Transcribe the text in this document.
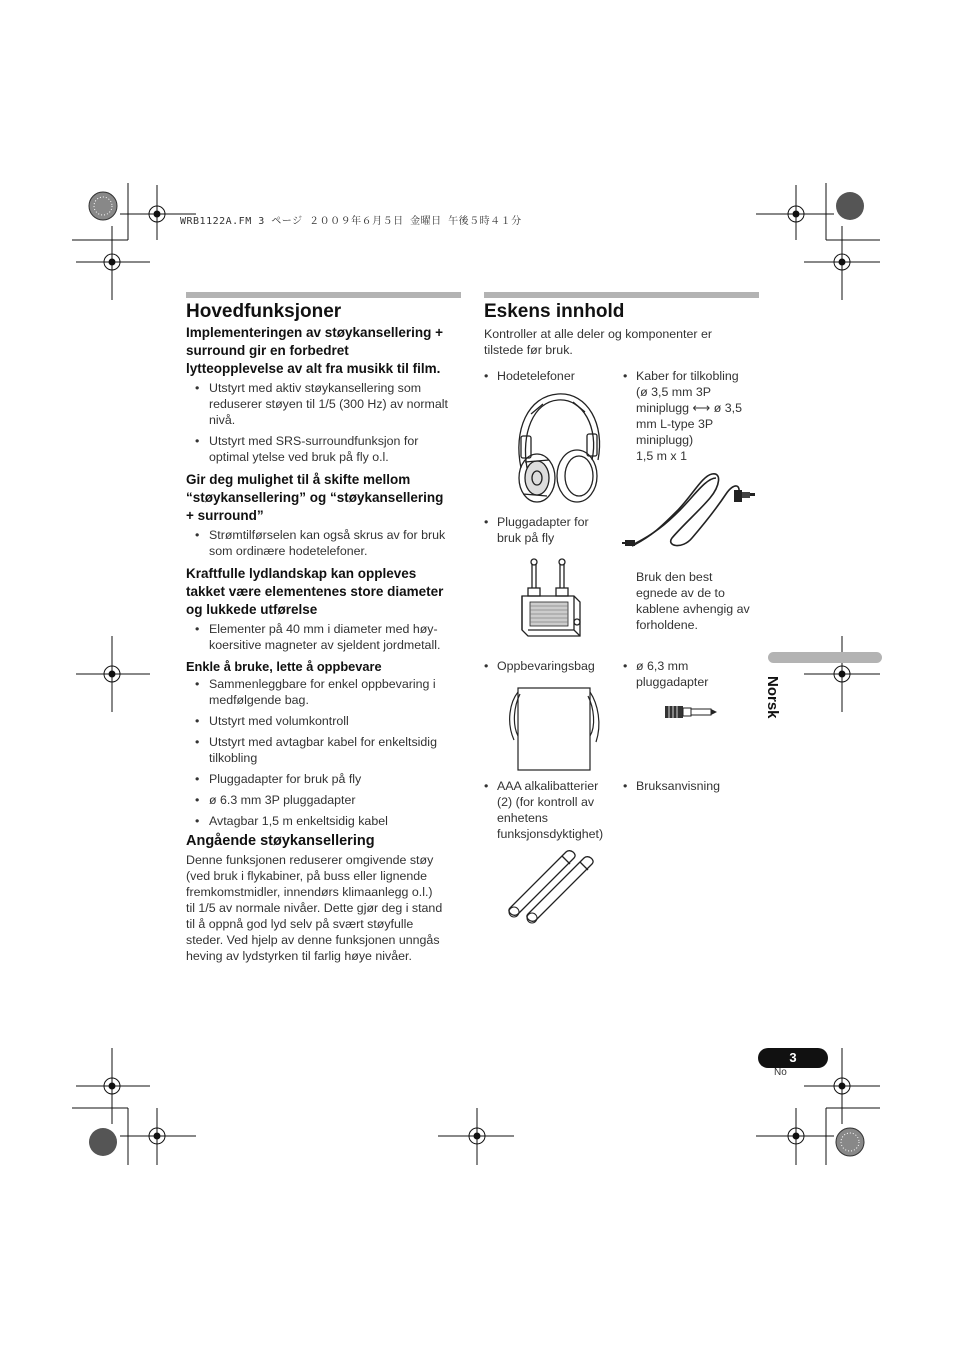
WRB1122A.FM 3 ページ ２００９年６月５日 金曜日 午後５時４１分
Hovedfunksjoner
Implementeringen av støykansellering +
surround gir en forbedret
lytteopplevelse av alt fra musikk til film.
• Utstyrt med aktiv støykansellering som
reduserer støyen til 1/5 (300 Hz) av normalt
nivå.
• Utstyrt med SRS-surroundfunksjon for
optimal ytelse ved bruk på fly o.l.
Gir deg mulighet til å skifte mellom
“støykansellering” og “støykansellering
+ surround”
• Strømtilførselen kan også skrus av for bruk
som ordinære hodetelefoner.
Kraftfulle lydlandskap kan oppleves
takket være elementenes store diameter
og lukkede utførelse
• Elementer på 40 mm i diameter med høy-
koersitive magneter av sjeldent jordmetall.
Enkle å bruke, lette å oppbevare
• Sammenleggbare for enkel oppbevaring i
medfølgende bag.
• Utstyrt med volumkontroll
• Utstyrt med avtagbar kabel for enkeltsidig
tilkobling
• Pluggadapter for bruk på fly
• ø 6.3 mm 3P pluggadapter
• Avtagbar 1,5 m enkeltsidig kabel
Angående støykansellering
Denne funksjonen reduserer omgivende støy
(ved bruk i flykabiner, på buss eller lignende
fremkomstmidler, innendørs klimaanlegg o.l.)
til 1/5 av normale nivåer. Dette gjør deg i stand
til å oppnå god lyd selv på svært støyfulle
steder. Ved hjelp av denne funksjonen unngås
heving av lydstyrken til farlig høye nivåer.
Eskens innhold
Kontroller at alle deler og komponenter er
tilstede før bruk.
• Hodetelefoner	• Kaber for tilkobling
(ø 3,5 mm 3P
miniplugg ⟷ ø 3,5
mm L-type 3P
miniplugg)
1,5 m x 1
• Pluggadapter for
bruk på fly
Bruk den best
egnede av de to
kablene avhengig av
forholdene.
• Oppbevaringsbag	• ø 6,3 mm
pluggadapter
• AAA alkalibatterier
(2) (for kontroll av
enhetens
funksjonsdyktighet)
• Bruksanvisning
Norsk
3
No
